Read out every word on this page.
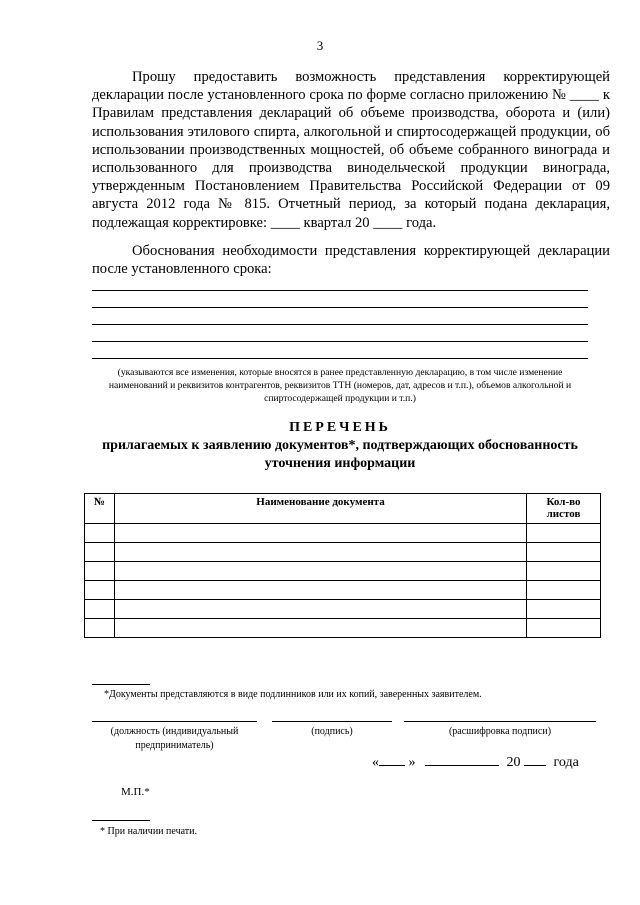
3

Прошу предоставить возможность представления корректирующей декларации после установленного срока по форме согласно приложению № ____ к Правилам представления деклараций об объеме производства, оборота и (или) использования этилового спирта, алкогольной и спиртосодержащей продукции, об использовании производственных мощностей, об объеме собранного винограда и использованного для производства винодельческой продукции винограда, утвержденным Постановлением Правительства Российской Федерации от 09 августа 2012 года № 815. Отчетный период, за который подана декларация, подлежащая корректировке: ____ квартал 20 ____ года.

Обоснования необходимости представления корректирующей декларации после установленного срока:

(указываются все изменения, которые вносятся в ранее представленную декларацию, в том числе изменение наименований и реквизитов контрагентов, реквизитов ТТН (номеров, дат, адресов и т.п.), объемов алкогольной и спиртосодержащей продукции и т.п.)
ПЕРЕЧЕНЬ
прилагаемых к заявлению документов*, подтверждающих обоснованность уточнения информации
№	Наименование документа	Кол-во листов

*Документы представляются в виде подлинников или их копий, заверенных заявителем.
(должность (индивидуальный предприниматель)
(подпись)	(расшифровка подписи)
« »	20 года
М.П.*
* При наличии печати.
